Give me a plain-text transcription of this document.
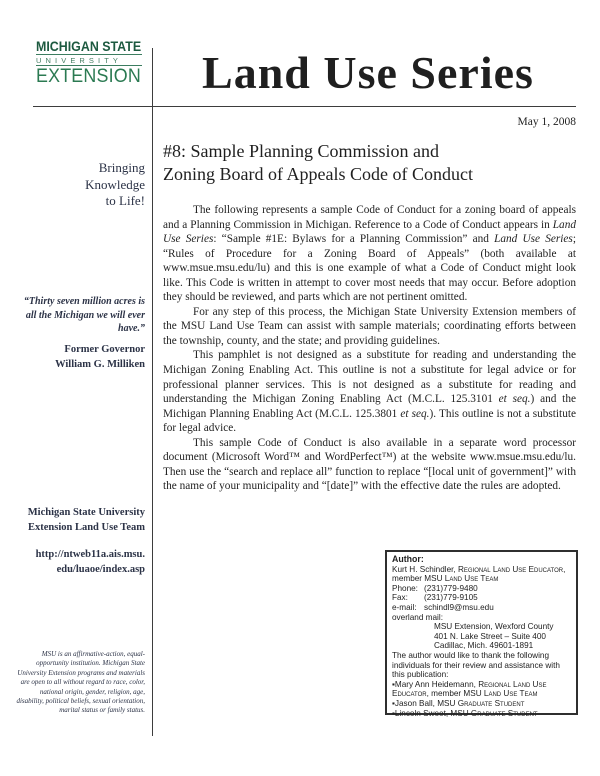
MICHIGAN STATE
UNIVERSITY
EXTENSION	Land Use Series
May 1, 2008
Bringing
Knowledge
to Life!
“Thirty seven million acres is all the Michigan we will ever have.”
Former Governor
William G. Milliken
Michigan State University
Extension Land Use Team
http://ntweb11a.ais.msu.
edu/luaoe/index.asp
MSU is an affirmative-action, equal-opportunity institution. Michigan State University Extension programs and materials are open to all without regard to race, color, national origin, gender, religion, age, disability, political beliefs, sexual orientation, marital status or family status.
#8: Sample Planning Commission and
Zoning Board of Appeals Code of Conduct

The following represents a sample Code of Conduct for a zoning board of appeals and a Planning Commission in Michigan. Reference to a Code of Conduct appears in Land Use Series: “Sample #1E: Bylaws for a Planning Commission” and Land Use Series; “Rules of Procedure for a Zoning Board of Appeals” (both available at www.msue.msu.edu/lu) and this is one example of what a Code of Conduct might look like. This Code is written in attempt to cover most needs that may occur. Before adoption they should be reviewed, and parts which are not pertinent omitted.

For any step of this process, the Michigan State University Extension members of the MSU Land Use Team can assist with sample materials; coordinating efforts between the township, county, and the state; and providing guidelines.

This pamphlet is not designed as a substitute for reading and understanding the Michigan Zoning Enabling Act. This outline is not a substitute for legal advice or for professional planner services. This is not designed as a substitute for reading and understanding the Michigan Zoning Enabling Act (M.C.L. 125.3101 et seq.) and the Michigan Planning Enabling Act (M.C.L. 125.3801 et seq.). This outline is not a substitute for legal advice.

This sample Code of Conduct is also available in a separate word processor document (Microsoft Word™ and WordPerfect™) at the website www.msue.msu.edu/lu. Then use the “search and replace all” function to replace “[local unit of government]” with the name of your municipality and “[date]” with the effective date the rules are adopted.

Author:
Kurt H. Schindler, Regional Land Use Educator, member MSU Land Use Team
Phone: (231)779-9480
Fax:	(231)779-9105
e-mail: schindl9@msu.edu
overland mail:
MSU Extension, Wexford County
401 N. Lake Street – Suite 400
Cadillac, Mich. 49601-1891
The author would like to thank the following individuals for their review and assistance with this publication:
▪Mary Ann Heidemann, Regional Land Use Educator, member MSU Land Use Team
▪Jason Ball, MSU Graduate Student
▪Lincoln Sweet, MSU Graduate Student
